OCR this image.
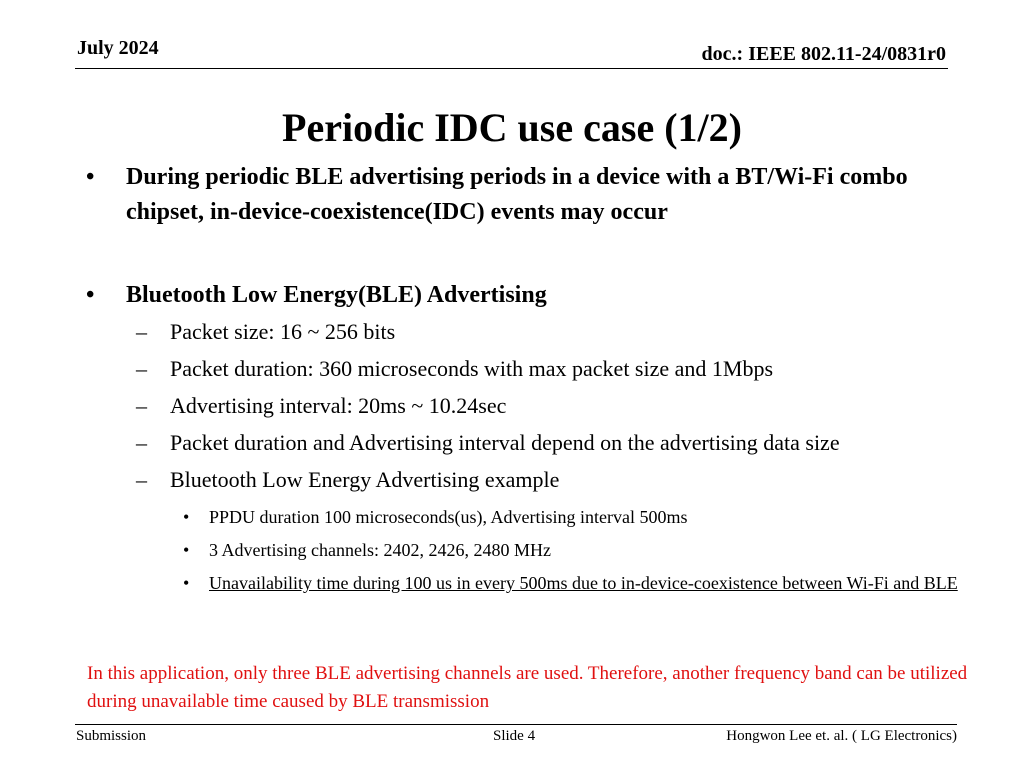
July 2024	doc.: IEEE 802.11-24/0831r0
Periodic IDC use case (1/2)
• During periodic BLE advertising periods in a device with a BT/Wi-Fi combo chipset, in-device-coexistence(IDC) events may occur
• Bluetooth Low Energy(BLE) Advertising
– Packet size: 16 ~ 256 bits
– Packet duration: 360 microseconds with max packet size and 1Mbps
– Advertising interval: 20ms ~ 10.24sec
– Packet duration and Advertising interval depend on the advertising data size
– Bluetooth Low Energy Advertising example
• PPDU duration 100 microseconds(us), Advertising interval 500ms
• 3 Advertising channels: 2402, 2426, 2480 MHz
• Unavailability time during 100 us in every 500ms due to in-device-coexistence between Wi-Fi and BLE
In this application, only three BLE advertising channels are used. Therefore, another frequency band can be utilized during unavailable time caused by BLE transmission
Submission	Slide 4	Hongwon Lee et. al. ( LG Electronics)
